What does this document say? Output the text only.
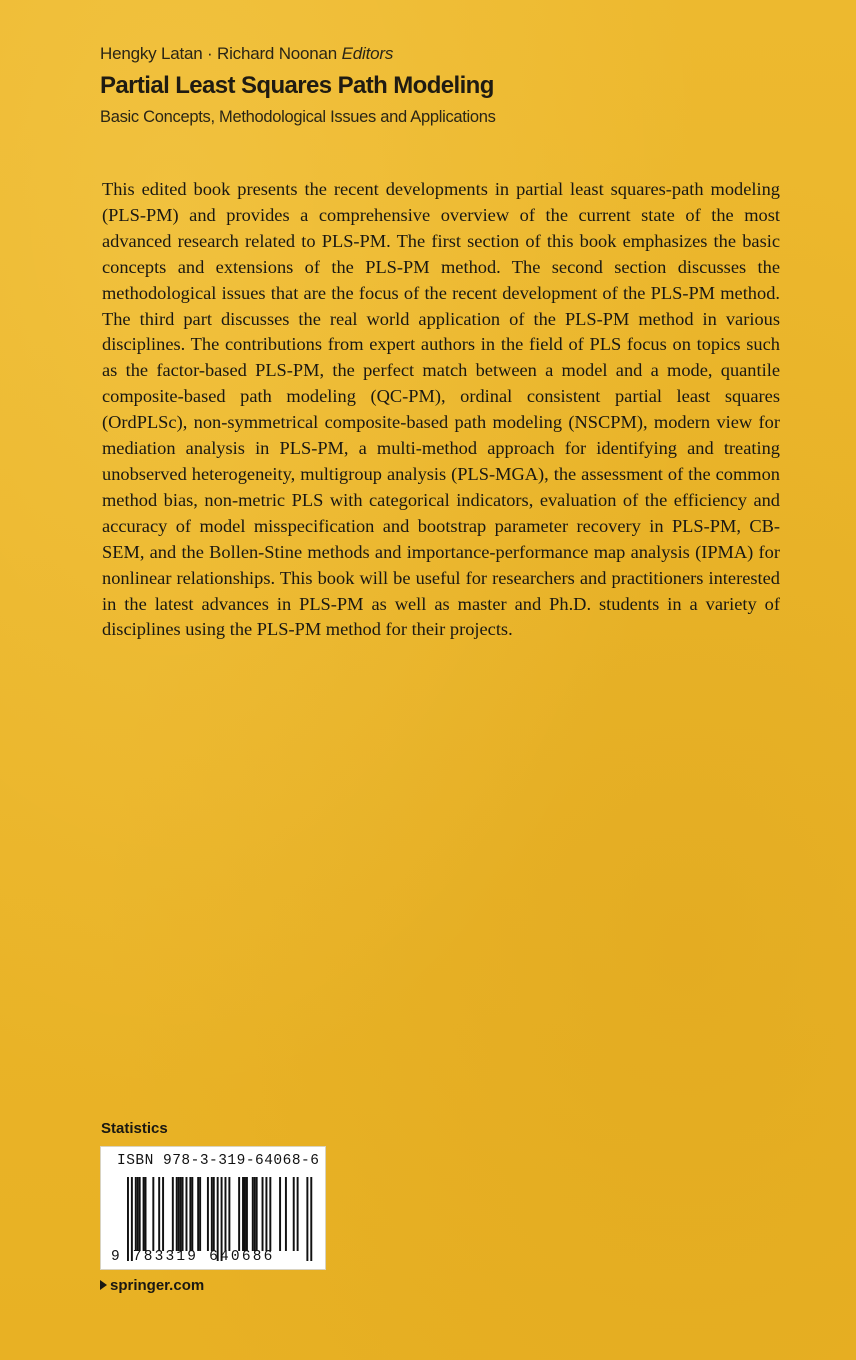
Hengky Latan · Richard Noonan Editors
Partial Least Squares Path Modeling
Basic Concepts, Methodological Issues and Applications

This edited book presents the recent developments in partial least squares-path modeling (PLS-PM) and provides a comprehensive overview of the current state of the most advanced research related to PLS-PM. The first section of this book emphasizes the basic concepts and extensions of the PLS-PM method. The second section discusses the methodological issues that are the focus of the recent development of the PLS-PM method. The third part discusses the real world application of the PLS-PM method in various disciplines. The contributions from expert authors in the field of PLS focus on topics such as the factor-based PLS-PM, the perfect match between a model and a mode, quantile composite-based path modeling (QC-PM), ordinal consistent partial least squares (OrdPLSc), non-symmetrical composite-based path modeling (NSCPM), modern view for mediation analysis in PLS-PM, a multi-method approach for identifying and treating unobserved heterogeneity, multigroup analysis (PLS-MGA), the assessment of the common method bias, non-metric PLS with categorical indicators, evaluation of the efficiency and accuracy of model misspecification and bootstrap parameter recovery in PLS-PM, CB-SEM, and the Bollen-Stine methods and importance-performance map analysis (IPMA) for nonlinear relationships. This book will be useful for researchers and practitioners interested in the latest advances in PLS-PM as well as master and Ph.D. students in a variety of disciplines using the PLS-PM method for their projects.

Statistics
ISBN 978-3-319-64068-6
9 783319 640686
springer.com
